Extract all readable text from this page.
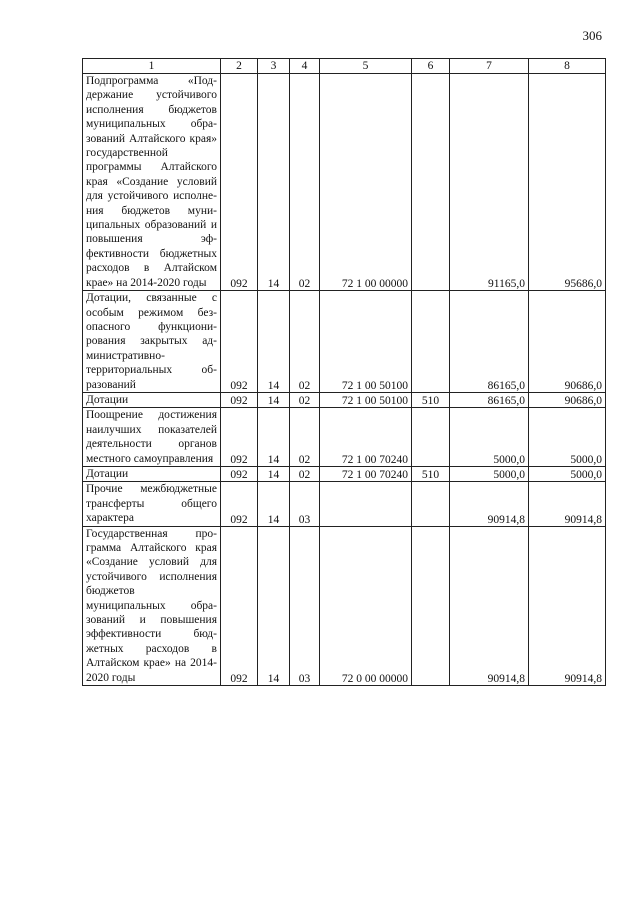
306
1	2	3	4	5	6	7	8
Подпрограмма «Поддержание устойчивого исполнения бюджетов муниципальных образований Алтайского края» государственной программы Алтайского края «Создание условий для устойчивого исполнения бюджетов муниципальных образований и повышения эффективности бюджетных расходов в Алтайском крае» на 2014-2020 годы	092	14	02	72 1 00 00000		91165,0	95686,0
Дотации, связанные с особым режимом безопасного функционирования закрытых административно-территориальных образований	092	14	02	72 1 00 50100		86165,0	90686,0
Дотации	092	14	02	72 1 00 50100	510	86165,0	90686,0
Поощрение достижения наилучших показателей деятельности органов местного самоуправления	092	14	02	72 1 00 70240		5000,0	5000,0
Дотации	092	14	02	72 1 00 70240	510	5000,0	5000,0
Прочие межбюджетные трансферты общего характера	092	14	03			90914,8	90914,8
Государственная программа Алтайского края «Создание условий для устойчивого исполнения бюджетов муниципальных образований и повышения эффективности бюджетных расходов в Алтайском крае» на 2014-2020 годы	092	14	03	72 0 00 00000		90914,8	90914,8
